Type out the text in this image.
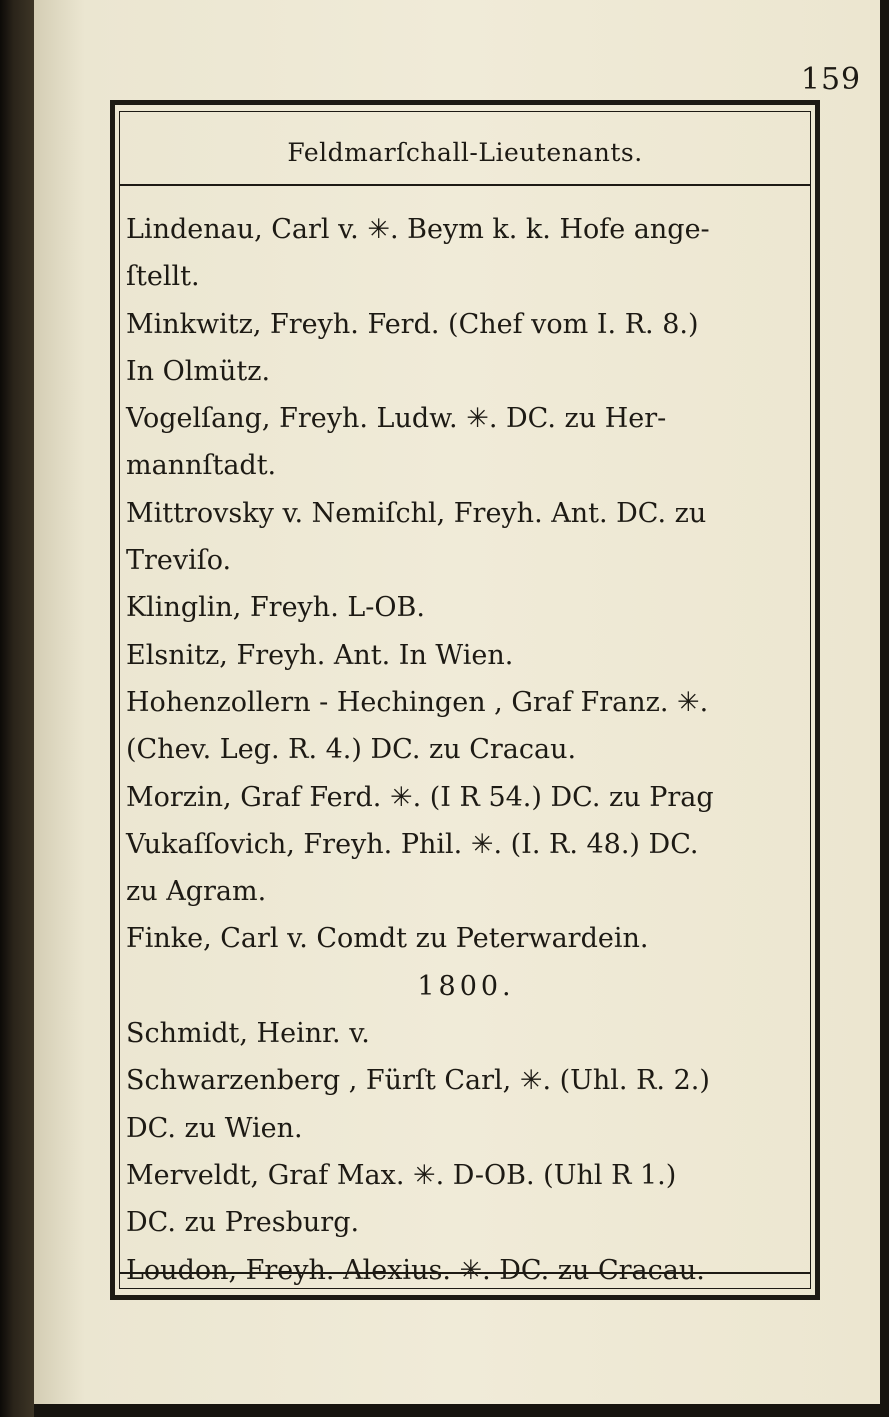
159
Feldmarſchall-Lieutenants.
Lindenau, Carl v. ✳. Beym k. k. Hofe ange-
ſtellt.
Minkwitz, Freyh. Ferd. (Chef vom I. R. 8.)
In Olmütz.
Vogelſang, Freyh. Ludw. ✳. DC. zu Her-
mannſtadt.
Mittrovsky v. Nemiſchl, Freyh. Ant. DC. zu
Treviſo.
Klinglin, Freyh. L-OB.
Elsnitz, Freyh. Ant. In Wien.
Hohenzollern - Hechingen , Graf Franz. ✳.
(Chev. Leg. R. 4.) DC. zu Cracau.
Morzin, Graf Ferd. ✳. (I R 54.) DC. zu Prag
Vukaſſovich, Freyh. Phil. ✳. (I. R. 48.) DC.
zu Agram.
Finke, Carl v. Comdt zu Peterwardein.
1800.
Schmidt, Heinr. v.
Schwarzenberg , Fürſt Carl, ✳. (Uhl. R. 2.)
DC. zu Wien.
Merveldt, Graf Max. ✳. D-OB. (Uhl R 1.)
DC. zu Presburg.
Loudon, Freyh. Alexius. ✳. DC. zu Cracau.
